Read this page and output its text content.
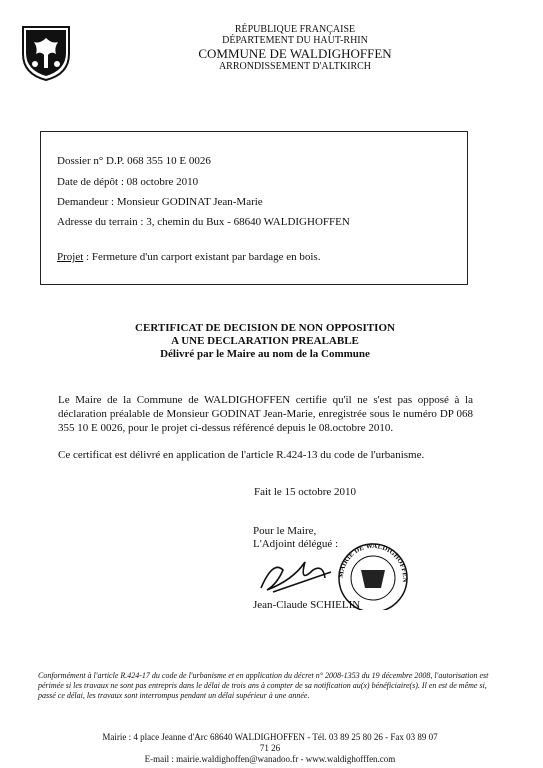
RÉPUBLIQUE FRANÇAISE
DÉPARTEMENT DU HAUT-RHIN
COMMUNE DE WALDIGHOFFEN
ARRONDISSEMENT D'ALTKIRCH
Dossier n° D.P. 068 355 10 E 0026
Date de dépôt : 08 octobre 2010
Demandeur : Monsieur GODINAT Jean-Marie
Adresse du terrain : 3, chemin du Bux - 68640 WALDIGHOFFEN
Projet : Fermeture d'un carport existant par bardage en bois.
CERTIFICAT DE DECISION DE NON OPPOSITION
A UNE DECLARATION PREALABLE
Délivré par le Maire au nom de la Commune
Le Maire de la Commune de WALDIGHOFFEN certifie qu'il ne s'est pas opposé à la déclaration préalable de Monsieur GODINAT Jean-Marie, enregistrée sous le numéro DP 068 355 10 E 0026, pour le projet ci-dessus référencé depuis le 08.octobre 2010.
Ce certificat est délivré en application de l'article R.424-13 du code de l'urbanisme.
Fait le 15 octobre 2010
Pour le Maire,
L'Adjoint délégué :
MAIRIE DE WALDIGHOFFEN
Jean-Claude SCHIELIN
Conformément à l'article R.424-17 du code de l'urbanisme et en application du décret n° 2008-1353 du 19 décembre 2008, l'autorisation est périmée si les travaux ne sont pas entrepris dans le délai de trois ans à compter de sa notification au(x) bénéficiaire(s). Il en est de même si, passé ce délai, les travaux sont interrompus pendant un délai supérieur à une année.
Mairie : 4 place Jeanne d'Arc 68640 WALDIGHOFFEN - Tél. 03 89 25 80 26 - Fax 03 89 07 71 26
E-mail : mairie.waldighoffen@wanadoo.fr - www.waldighofffen.com
